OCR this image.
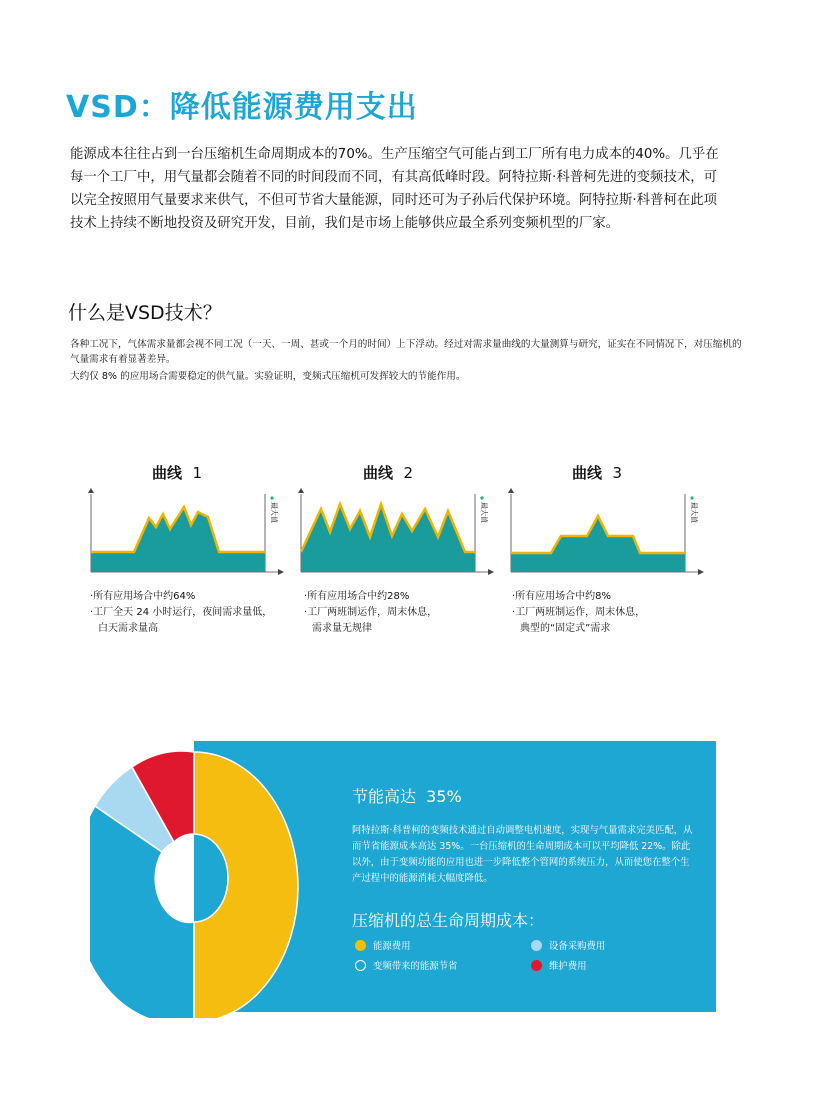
VSD：降低能源费用支出
能源成本往往占到一台压缩机生命周期成本的70%。生产压缩空气可能占到工厂所有电力成本的40%。几乎在每一个工厂中，用气量都会随着不同的时间段而不同，有其高低峰时段。阿特拉斯·科普柯先进的变频技术，可以完全按照用气量要求来供气，不但可节省大量能源，同时还可为子孙后代保护环境。阿特拉斯·科普柯在此项技术上持续不断地投资及研究开发，目前，我们是市场上能够供应最全系列变频机型的厂家。
什么是VSD技术？
各种工况下，气体需求量都会视不同工况（一天、一周、甚或一个月的时间）上下浮动。经过对需求量曲线的大量测算与研究，证实在不同情况下，对压缩机的气量需求有着显著差异。
大约仅 8% 的应用场合需要稳定的供气量。实验证明，变频式压缩机可发挥较大的节能作用。
曲线 1	曲线 2	曲线 3
最大值	最大值	最大值
·所有应用场合中约64%
·工厂全天 24 小时运行，夜间需求量低，
白天需求量高
·所有应用场合中约28%
·工厂两班制运作，周末休息，
需求量无规律
·所有应用场合中约8%
·工厂两班制运作，周末休息，
典型的“固定式”需求
节能高达  35%
阿特拉斯·科普柯的变频技术通过自动调整电机速度，实现与气量需求完美匹配，从而节省能源成本高达 35%。一台压缩机的生命周期成本可以平均降低 22%。除此以外，由于变频功能的应用也进一步降低整个管网的系统压力，从而使您在整个生产过程中的能源消耗大幅度降低。
压缩机的总生命周期成本：
能源费用	设备采购费用
变频带来的能源节省	维护费用
